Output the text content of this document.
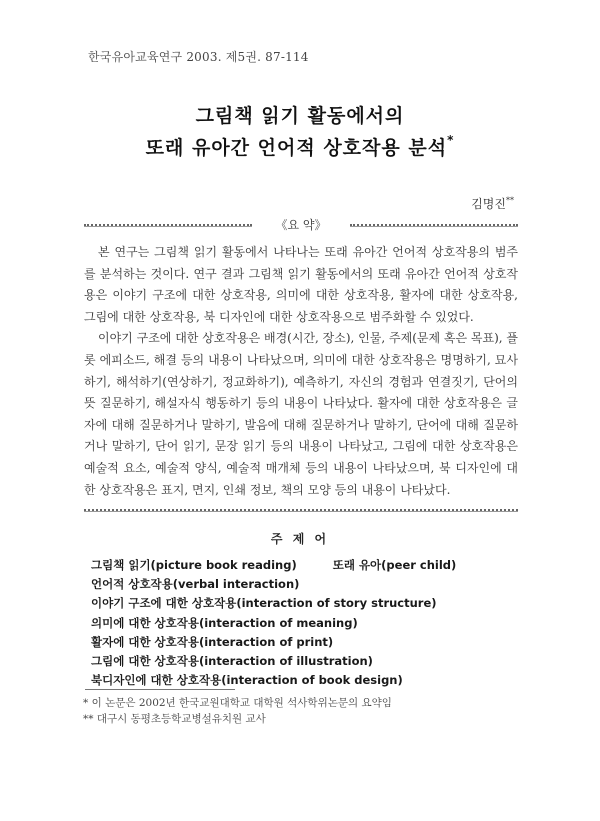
한국유아교육연구 2003. 제5권. 87-114
그림책 읽기 활동에서의
또래 유아간 언어적 상호작용 분석*
김명진**
《요 약》

본 연구는 그림책 읽기 활동에서 나타나는 또래 유아간 언어적 상호작용의 범주를 분석하는 것이다. 연구 결과 그림책 읽기 활동에서의 또래 유아간 언어적 상호작용은 이야기 구조에 대한 상호작용, 의미에 대한 상호작용, 활자에 대한 상호작용, 그림에 대한 상호작용, 북 디자인에 대한 상호작용으로 범주화할 수 있었다.

이야기 구조에 대한 상호작용은 배경(시간, 장소), 인물, 주제(문제 혹은 목표), 플롯 에피소드, 해결 등의 내용이 나타났으며, 의미에 대한 상호작용은 명명하기, 묘사하기, 해석하기(연상하기, 정교화하기), 예측하기, 자신의 경험과 연결짓기, 단어의 뜻 질문하기, 해설자식 행동하기 등의 내용이 나타났다. 활자에 대한 상호작용은 글자에 대해 질문하거나 말하기, 발음에 대해 질문하거나 말하기, 단어에 대해 질문하거나 말하기, 단어 읽기, 문장 읽기 등의 내용이 나타났고, 그림에 대한 상호작용은 예술적 요소, 예술적 양식, 예술적 매개체 등의 내용이 나타났으며, 북 디자인에 대한 상호작용은 표지, 면지, 인쇄 정보, 책의 모양 등의 내용이 나타났다.

주 제 어
그림책 읽기(picture book reading)	또래 유아(peer child)
언어적 상호작용(verbal interaction)
이야기 구조에 대한 상호작용(interaction of story structure)
의미에 대한 상호작용(interaction of meaning)
활자에 대한 상호작용(interaction of print)
그림에 대한 상호작용(interaction of illustration)
북디자인에 대한 상호작용(interaction of book design)
* 이 논문은 2002년 한국교원대학교 대학원 석사학위논문의 요약임
** 대구시 동평초등학교병설유치원 교사
